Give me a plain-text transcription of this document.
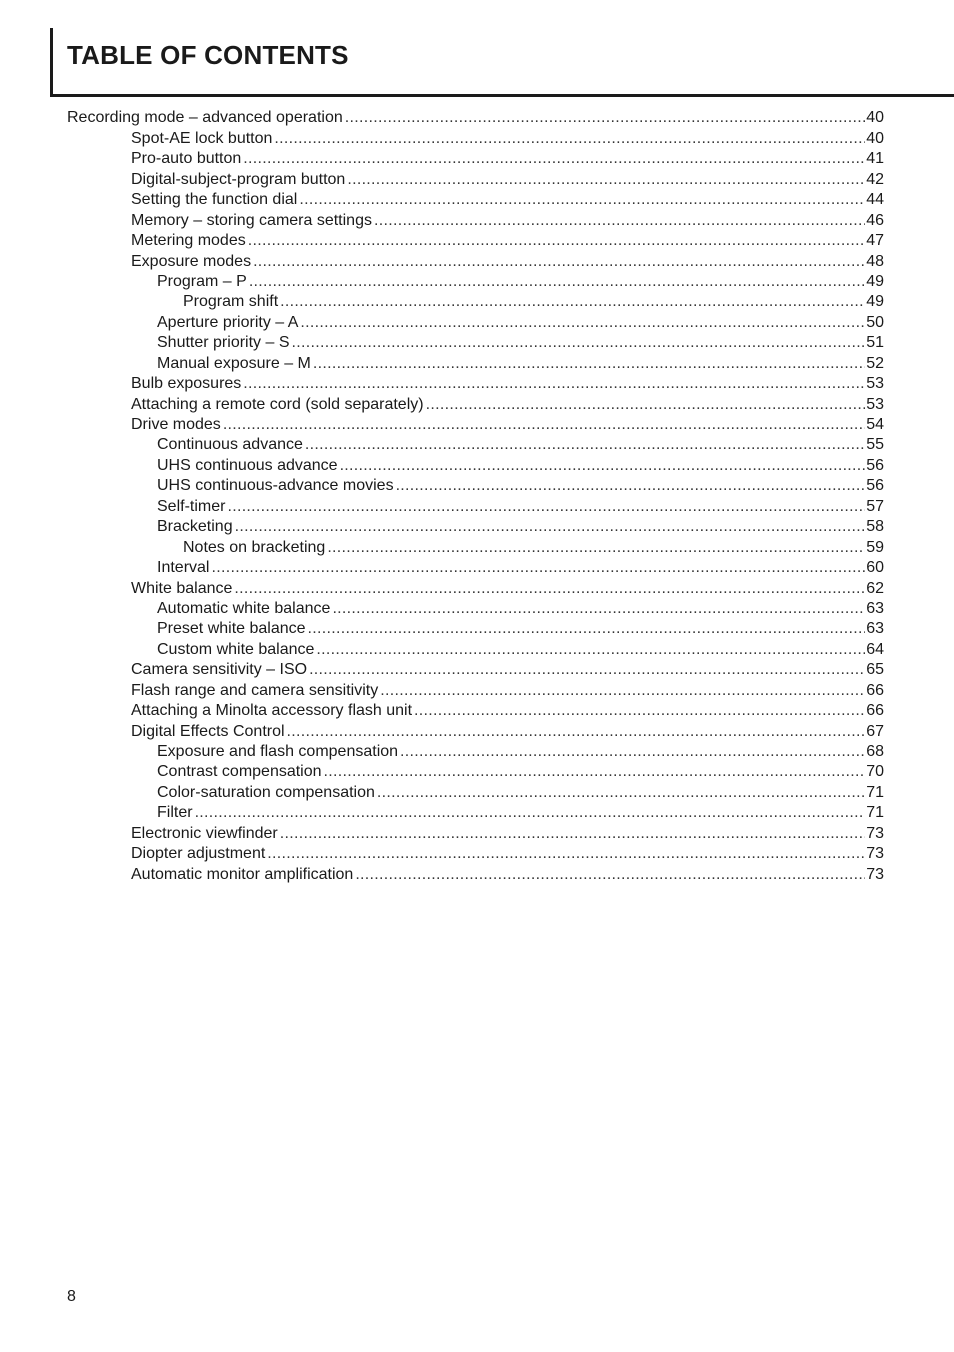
TABLE OF CONTENTS
Recording mode – advanced operation .....	40
Spot-AE lock button .....	40
Pro-auto button .....	41
Digital-subject-program button .....	42
Setting the function dial .....	44
Memory – storing camera settings .....	46
Metering modes .....	47
Exposure modes .....	48
Program – P .....	49
Program shift .....	49
Aperture priority – A .....	50
Shutter priority – S .....	51
Manual exposure – M .....	52
Bulb exposures .....	53
Attaching a remote cord (sold separately) .....	53
Drive modes .....	54
Continuous advance .....	55
UHS continuous advance .....	56
UHS continuous-advance movies .....	56
Self-timer .....	57
Bracketing .....	58
Notes on bracketing .....	59
Interval .....	60
White balance .....	62
Automatic white balance .....	63
Preset white balance .....	63
Custom white balance .....	64
Camera sensitivity – ISO .....	65
Flash range and camera sensitivity .....	66
Attaching a Minolta accessory flash unit .....	66
Digital Effects Control .....	67
Exposure and flash compensation .....	68
Contrast compensation .....	70
Color-saturation compensation .....	71
Filter .....	71
Electronic viewfinder .....	73
Diopter adjustment .....	73
Automatic monitor amplification .....	73
8
